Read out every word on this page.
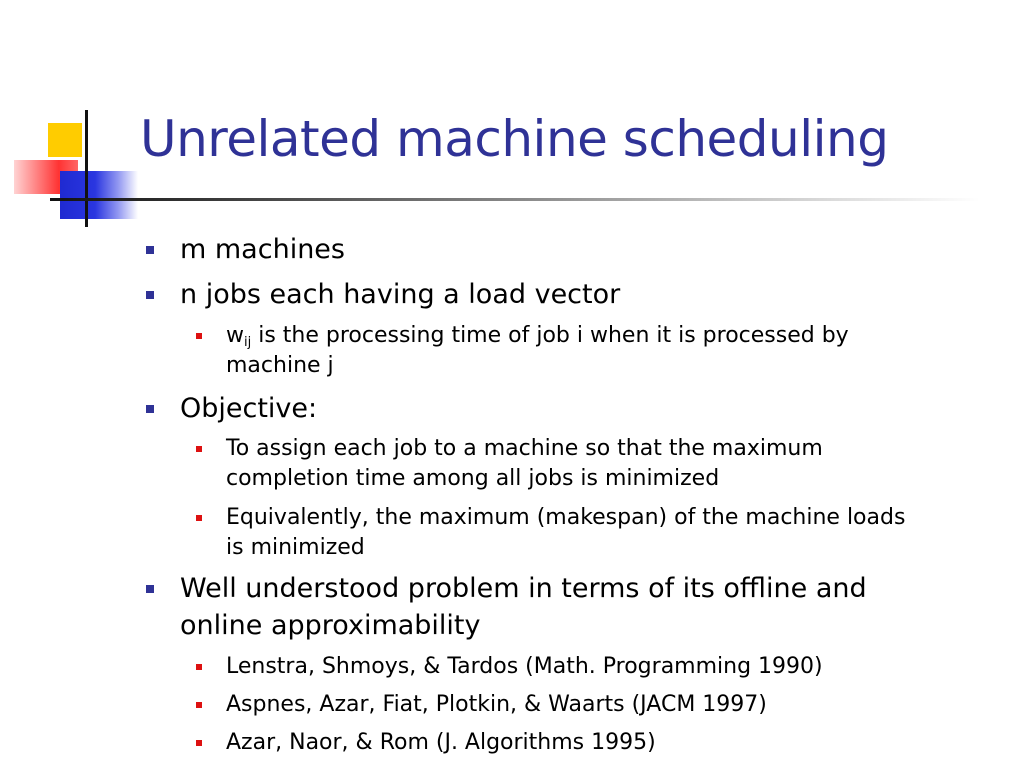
Unrelated machine scheduling
m machines
n jobs each having a load vector
$w_{ij}$ is the processing time of job i when it is processed by
machine j
Objective:
To assign each job to a machine so that the maximum
completion time among all jobs is minimized
Equivalently, the maximum (makespan) of the machine loads
is minimized
Well understood problem in terms of its offline and
online approximability
Lenstra, Shmoys, & Tardos (Math. Programming 1990)
Aspnes, Azar, Fiat, Plotkin, & Waarts (JACM 1997)
Azar, Naor, & Rom (J. Algorithms 1995)
